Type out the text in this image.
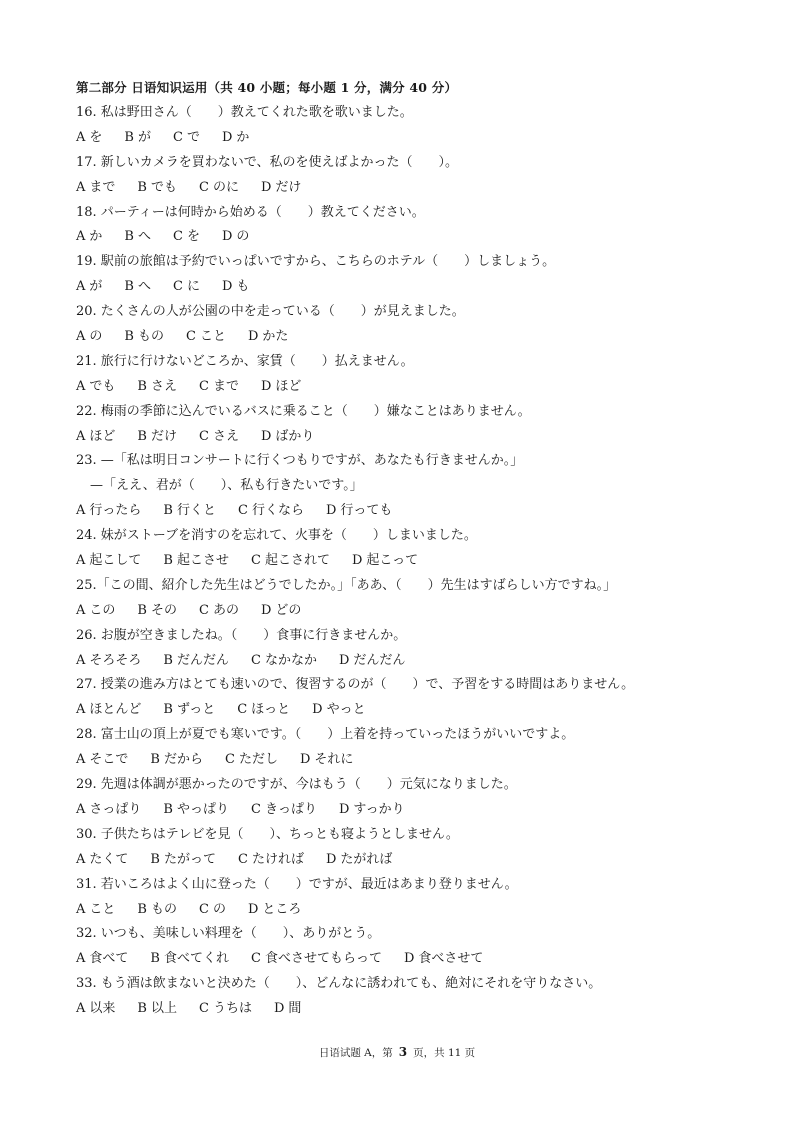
第二部分 日语知识运用（共 40 小题；每小题 1 分，满分 40 分）
16. 私は野田さん（　　）教えてくれた歌を歌いました。
A を B が C で D か
17. 新しいカメラを買わないで、私のを使えばよかった（　　）。
A まで B でも C のに D だけ
18. パーティーは何時から始める（　　）教えてください。
A か B へ C を D の
19. 駅前の旅館は予約でいっぱいですから、こちらのホテル（　　）しましょう。
A が B へ C に D も
20. たくさんの人が公園の中を走っている（　　）が見えました。
A の B もの C こと D かた
21. 旅行に行けないどころか、家賃（　　）払えません。
A でも B さえ C まで D ほど
22. 梅雨の季節に込んでいるバスに乗ること（　　）嫌なことはありません。
A ほど B だけ C さえ D ばかり
23. —「私は明日コンサートに行くつもりですが、あなたも行きませんか。」
—「ええ、君が（　　）、私も行きたいです。」
A 行ったら B 行くと C 行くなら D 行っても
24. 妹がストーブを消すのを忘れて、火事を（　　）しまいました。
A 起こして B 起こさせ C 起こされて D 起こって
25.「この間、紹介した先生はどうでしたか。」「ああ、（　　）先生はすばらしい方ですね。」
A この B その C あの D どの
26. お腹が空きましたね。（　　）食事に行きませんか。
A そろそろ B だんだん C なかなか D だんだん
27. 授業の進み方はとても速いので、復習するのが（　　）で、予習をする時間はありません。
A ほとんど B ずっと C ほっと D やっと
28. 富士山の頂上が夏でも寒いです。（　　）上着を持っていったほうがいいですよ。
A そこで B だから C ただし D それに
29. 先週は体調が悪かったのですが、今はもう（　　）元気になりました。
A さっぱり B やっぱり C きっぱり D すっかり
30. 子供たちはテレビを見（　　）、ちっとも寝ようとしません。
A たくて B たがって C たければ D たがれば
31. 若いころはよく山に登った（　　）ですが、最近はあまり登りません。
A こと B もの C の D ところ
32. いつも、美味しい料理を（　　）、ありがとう。
A 食べて B 食べてくれ C 食べさせてもらって D 食べさせて
33. もう酒は飲まないと決めた（　　）、どんなに誘われても、絶対にそれを守りなさい。
A 以来 B 以上 C うちは D 間
日语试题 A，第 3 页，共 11 页
